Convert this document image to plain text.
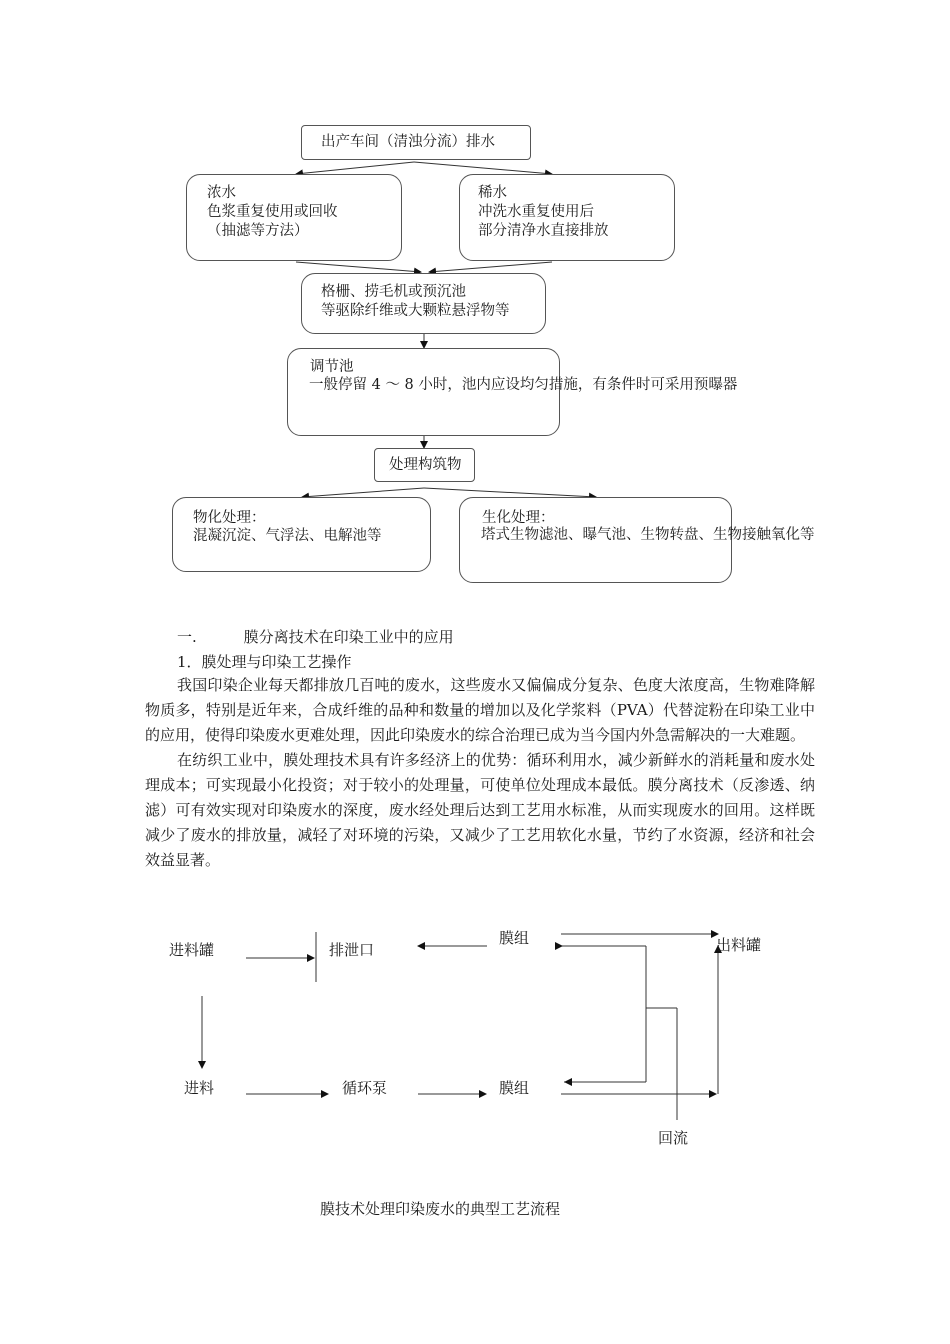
出产车间（清浊分流）排水
浓水
色浆重复使用或回收
（抽滤等方法）
稀水
冲洗水重复使用后
部分清净水直接排放
格栅、捞毛机或预沉池
等驱除纤维或大颗粒悬浮物等
调节池
一般停留 4 ～ 8 小时，池内应设均匀措施，有条件时可采用预曝器
处理构筑物
物化处理：
混凝沉淀、气浮法、电解池等
生化处理：
塔式生物滤池、曝气池、生物转盘、生物接触氧化等
一.	膜分离技术在印染工业中的应用
1．膜处理与印染工艺操作

我国印染企业每天都排放几百吨的废水，这些废水又偏偏成分复杂、色度大浓度高，生物难降解物质多，特别是近年来，合成纤维的品种和数量的增加以及化学浆料（PVA）代替淀粉在印染工业中的应用，使得印染废水更难处理，因此印染废水的综合治理已成为当今国内外急需解决的一大难题。

在纺织工业中，膜处理技术具有许多经济上的优势：循环利用水，减少新鲜水的消耗量和废水处理成本；可实现最小化投资；对于较小的处理量，可使单位处理成本最低。膜分离技术（反渗透、纳滤）可有效实现对印染废水的深度，废水经处理后达到工艺用水标准，从而实现废水的回用。这样既减少了废水的排放量，减轻了对环境的污染，又减少了工艺用软化水量，节约了水资源，经济和社会效益显著。

进料罐	排泄口
膜组	出料罐
进料	循环泵	膜组
回流
膜技术处理印染废水的典型工艺流程
